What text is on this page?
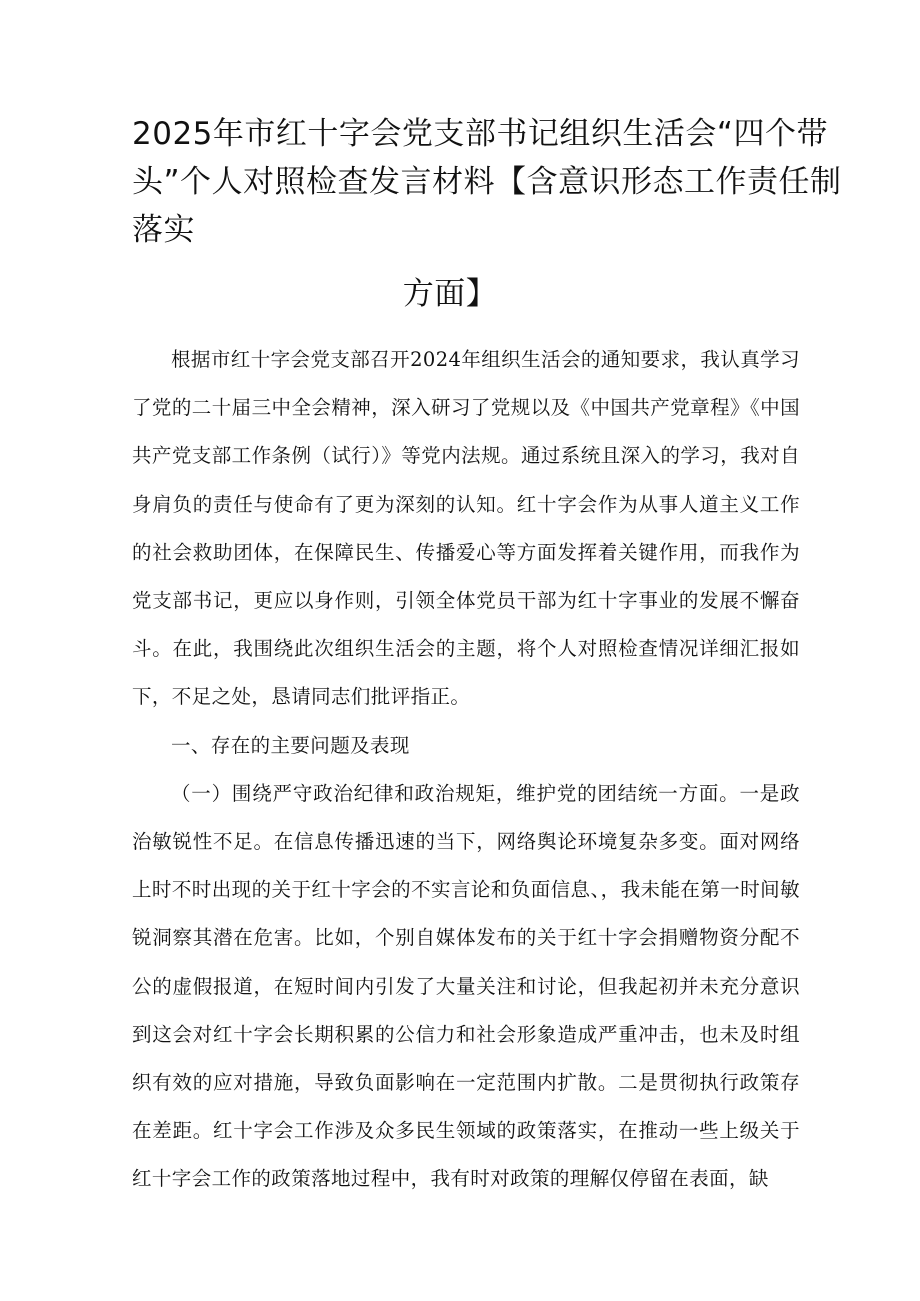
2025年市红十字会党支部书记组织生活会“四个带
头”个人对照检查发言材料【含意识形态工作责任制
落实
方面】

根据市红十字会党支部召开2024年组织生活会的通知要求，我认真学习了党的二十届三中全会精神，深入研习了党规以及《中国共产党章程》《中国共产党支部工作条例（试行）》等党内法规。通过系统且深入的学习，我对自身肩负的责任与使命有了更为深刻的认知。红十字会作为从事人道主义工作的社会救助团体，在保障民生、传播爱心等方面发挥着关键作用，而我作为党支部书记，更应以身作则，引领全体党员干部为红十字事业的发展不懈奋斗。在此，我围绕此次组织生活会的主题，将个人对照检查情况详细汇报如下，不足之处，恳请同志们批评指正。

一、存在的主要问题及表现

（一）围绕严守政治纪律和政治规矩，维护党的团结统一方面。一是政治敏锐性不足。在信息传播迅速的当下，网络舆论环境复杂多变。面对网络上时不时出现的关于红十字会的不实言论和负面信息、，我未能在第一时间敏锐洞察其潜在危害。比如，个别自媒体发布的关于红十字会捐赠物资分配不公的虚假报道，在短时间内引发了大量关注和讨论，但我起初并未充分意识到这会对红十字会长期积累的公信力和社会形象造成严重冲击，也未及时组织有效的应对措施，导致负面影响在一定范围内扩散。二是贯彻执行政策存在差距。红十字会工作涉及众多民生领域的政策落实，在推动一些上级关于红十字会工作的政策落地过程中，我有时对政策的理解仅停留在表面，缺
